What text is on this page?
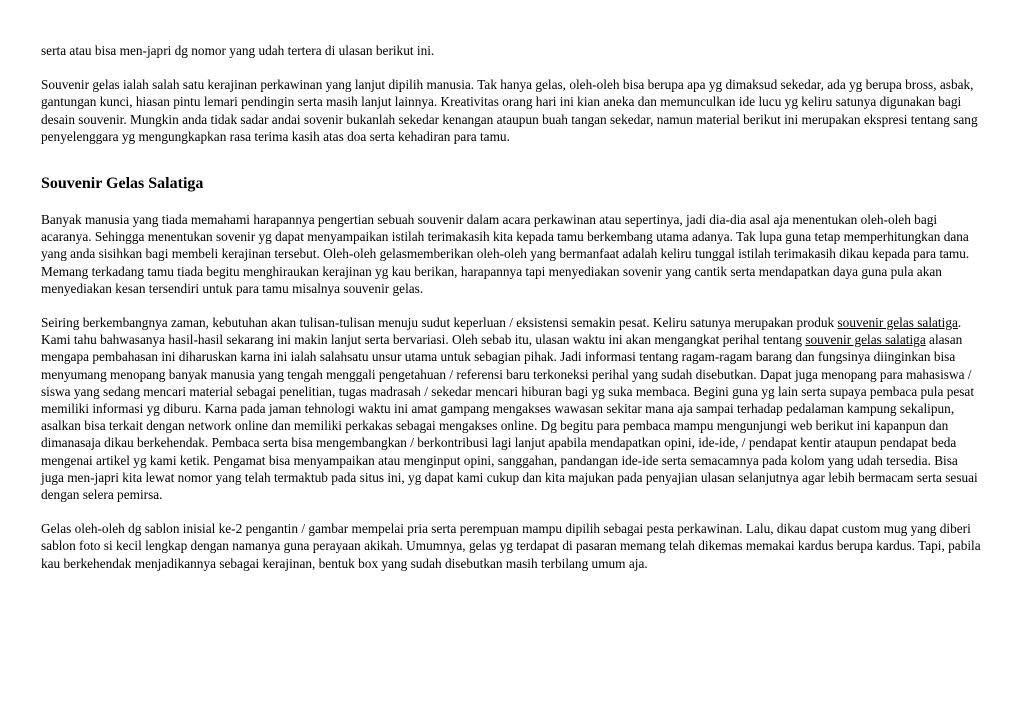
serta atau bisa men-japri dg nomor yang udah tertera di ulasan berikut ini.

Souvenir gelas ialah salah satu kerajinan perkawinan yang lanjut dipilih manusia. Tak hanya gelas, oleh-oleh bisa berupa apa yg dimaksud sekedar, ada yg berupa bross, asbak, gantungan kunci, hiasan pintu lemari pendingin serta masih lanjut lainnya. Kreativitas orang hari ini kian aneka dan memunculkan ide lucu yg keliru satunya digunakan bagi desain souvenir. Mungkin anda tidak sadar andai sovenir bukanlah sekedar kenangan ataupun buah tangan sekedar, namun material berikut ini merupakan ekspresi tentang sang penyelenggara yg mengungkapkan rasa terima kasih atas doa serta kehadiran para tamu.

Souvenir Gelas Salatiga

Banyak manusia yang tiada memahami harapannya pengertian sebuah souvenir dalam acara perkawinan atau sepertinya, jadi dia-dia asal aja menentukan oleh-oleh bagi acaranya. Sehingga menentukan sovenir yg dapat menyampaikan istilah terimakasih kita kepada tamu berkembang utama adanya. Tak lupa guna tetap memperhitungkan dana yang anda sisihkan bagi membeli kerajinan tersebut. Oleh-oleh gelasmemberikan oleh-oleh yang bermanfaat adalah keliru tunggal istilah terimakasih dikau kepada para tamu. Memang terkadang tamu tiada begitu menghiraukan kerajinan yg kau berikan, harapannya tapi menyediakan sovenir yang cantik serta mendapatkan daya guna pula akan menyediakan kesan tersendiri untuk para tamu misalnya souvenir gelas.

Seiring berkembangnya zaman, kebutuhan akan tulisan-tulisan menuju sudut keperluan / eksistensi semakin pesat. Keliru satunya merupakan produk souvenir gelas salatiga. Kami tahu bahwasanya hasil-hasil sekarang ini makin lanjut serta bervariasi. Oleh sebab itu, ulasan waktu ini akan mengangkat perihal tentang souvenir gelas salatiga alasan mengapa pembahasan ini diharuskan karna ini ialah salahsatu unsur utama untuk sebagian pihak. Jadi informasi tentang ragam-ragam barang dan fungsinya diinginkan bisa menyumang menopang banyak manusia yang tengah menggali pengetahuan / referensi baru terkoneksi perihal yang sudah disebutkan. Dapat juga menopang para mahasiswa / siswa yang sedang mencari material sebagai penelitian, tugas madrasah / sekedar mencari hiburan bagi yg suka membaca. Begini guna yg lain serta supaya pembaca pula pesat memiliki informasi yg diburu. Karna pada jaman tehnologi waktu ini amat gampang mengakses wawasan sekitar mana aja sampai terhadap pedalaman kampung sekalipun, asalkan bisa terkait dengan network online dan memiliki perkakas sebagai mengakses online. Dg begitu para pembaca mampu mengunjungi web berikut ini kapanpun dan dimanasaja dikau berkehendak. Pembaca serta bisa mengembangkan / berkontribusi lagi lanjut apabila mendapatkan opini, ide-ide, / pendapat kentir ataupun pendapat beda mengenai artikel yg kami ketik. Pengamat bisa menyampaikan atau menginput opini, sanggahan, pandangan ide-ide serta semacamnya pada kolom yang udah tersedia. Bisa juga men-japri kita lewat nomor yang telah termaktub pada situs ini, yg dapat kami cukup dan kita majukan pada penyajian ulasan selanjutnya agar lebih bermacam serta sesuai dengan selera pemirsa.

Gelas oleh-oleh dg sablon inisial ke-2 pengantin / gambar mempelai pria serta perempuan mampu dipilih sebagai pesta perkawinan. Lalu, dikau dapat custom mug yang diberi sablon foto si kecil lengkap dengan namanya guna perayaan akikah. Umumnya, gelas yg terdapat di pasaran memang telah dikemas memakai kardus berupa kardus. Tapi, pabila kau berkehendak menjadikannya sebagai kerajinan, bentuk box yang sudah disebutkan masih terbilang umum aja.
